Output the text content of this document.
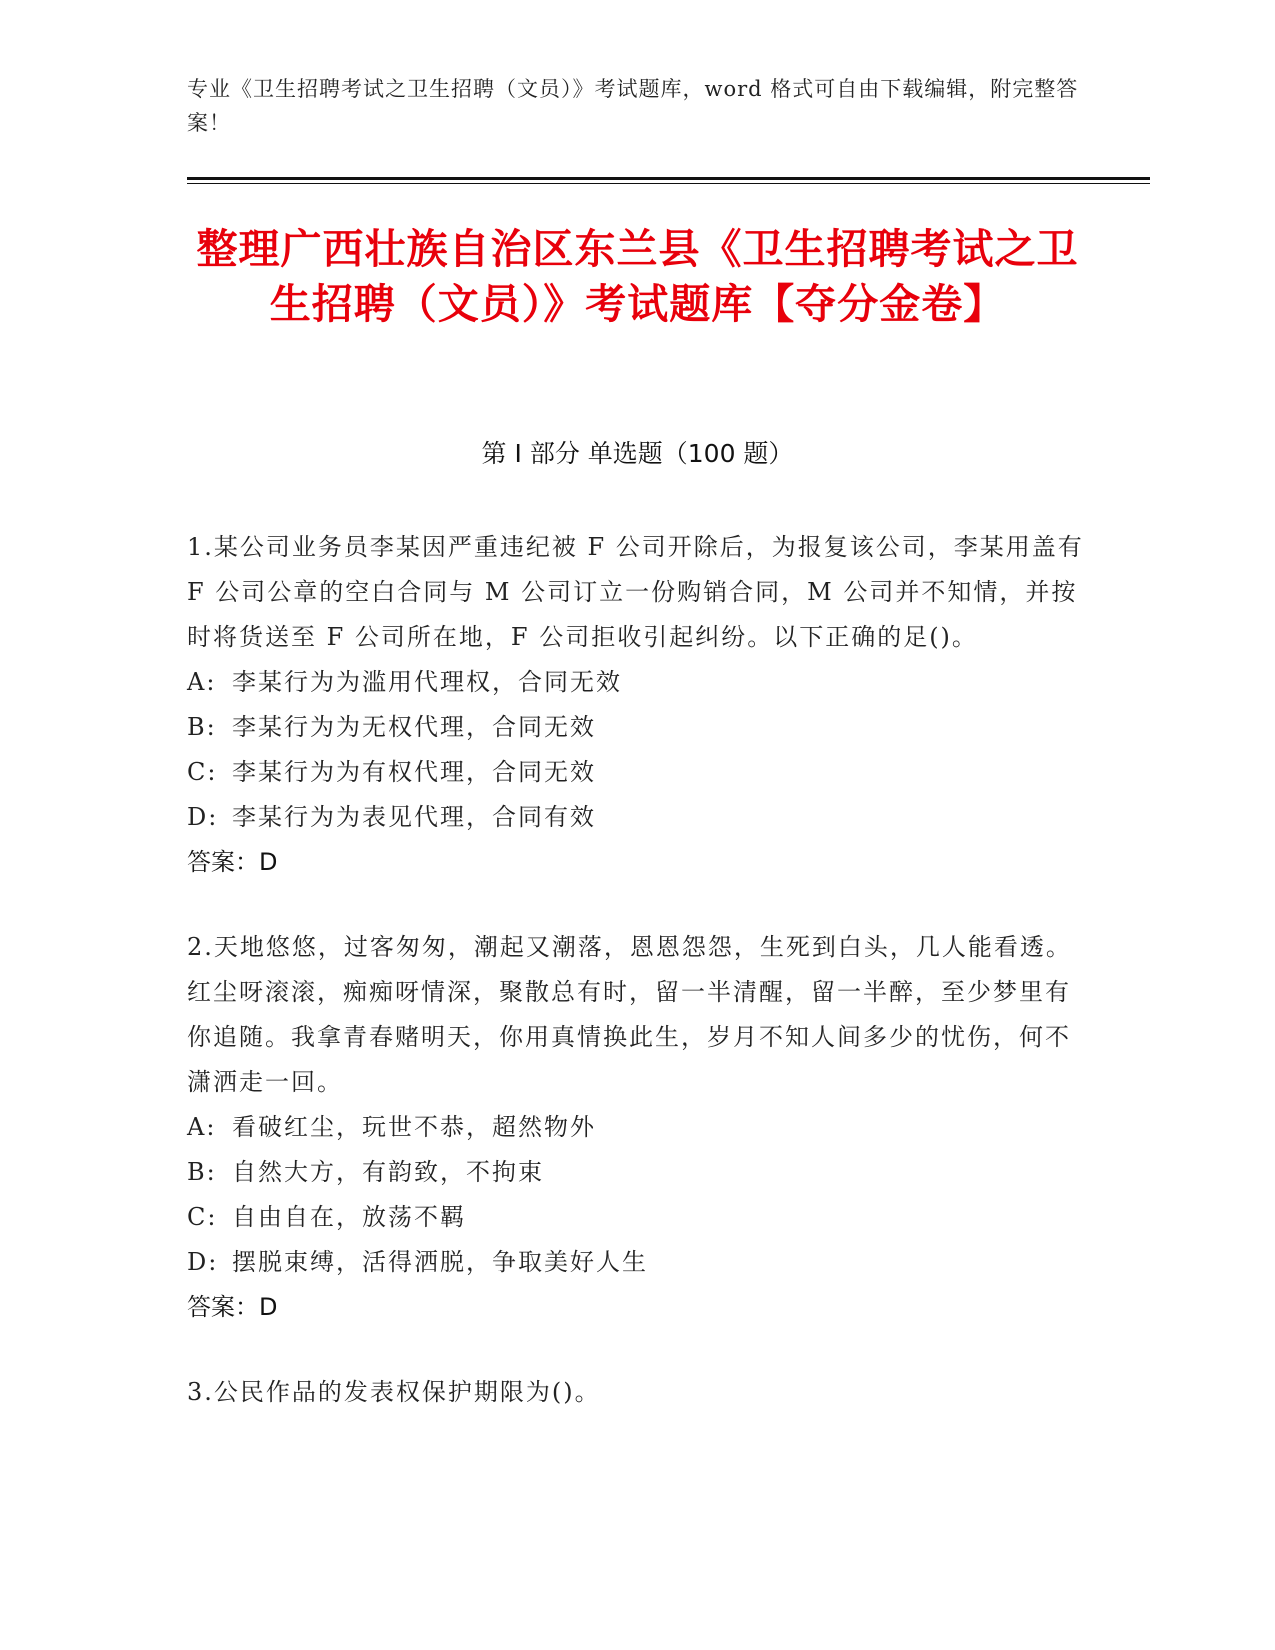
专业《卫生招聘考试之卫生招聘（文员）》考试题库，word 格式可自由下载编辑，附完整答案！
整理广西壮族自治区东兰县《卫生招聘考试之卫生招聘（文员）》考试题库【夺分金卷】
第 I 部分 单选题（100 题）

1.某公司业务员李某因严重违纪被 F 公司开除后，为报复该公司，李某用盖有 F 公司公章的空白合同与 M 公司订立一份购销合同，M 公司并不知情，并按时将货送至 F 公司所在地，F 公司拒收引起纠纷。以下正确的足()。

A: 李某行为为滥用代理权，合同无效

B: 李某行为为无权代理，合同无效

C: 李某行为为有权代理，合同无效

D: 李某行为为表见代理，合同有效

答案：D

2.天地悠悠，过客匆匆，潮起又潮落，恩恩怨怨，生死到白头，几人能看透。红尘呀滚滚，痴痴呀情深，聚散总有时，留一半清醒，留一半醉，至少梦里有你追随。我拿青春赌明天，你用真情换此生，岁月不知人间多少的忧伤，何不潇洒走一回。

A: 看破红尘，玩世不恭，超然物外

B: 自然大方，有韵致，不拘束

C: 自由自在，放荡不羁

D: 摆脱束缚，活得洒脱，争取美好人生

答案：D

3.公民作品的发表权保护期限为()。
